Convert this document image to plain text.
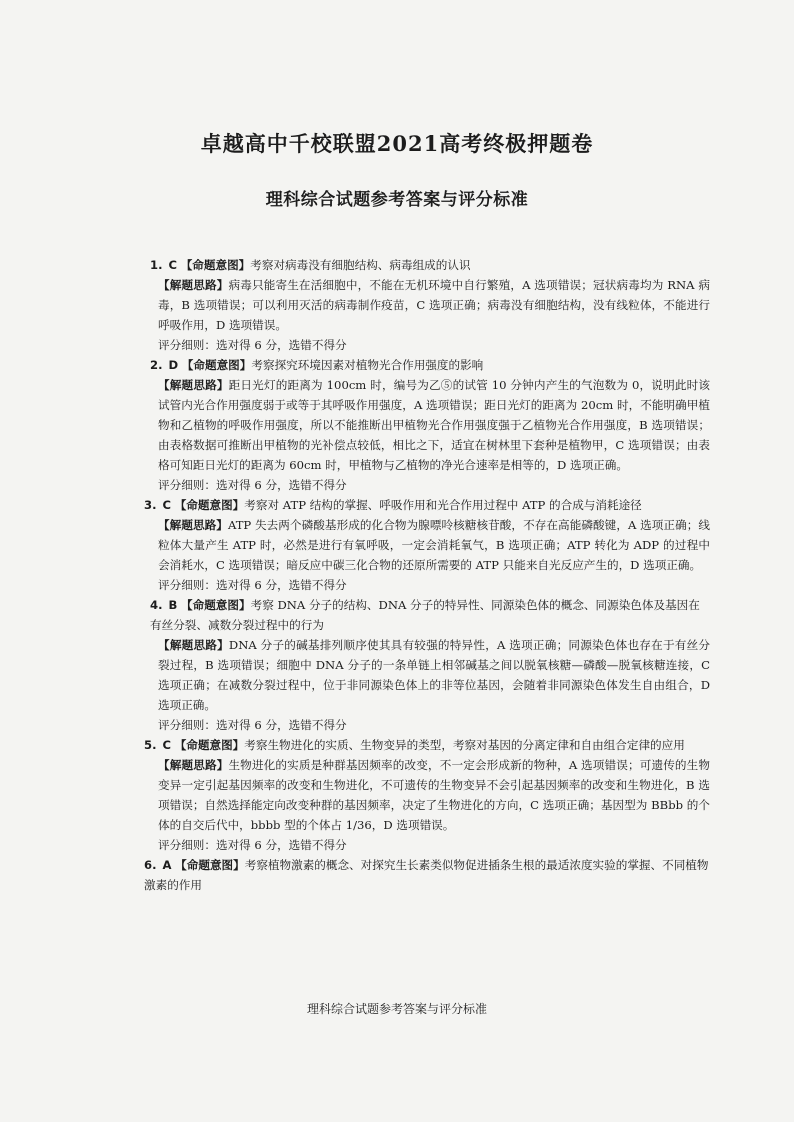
卓越高中千校联盟2021高考终极押题卷
理科综合试题参考答案与评分标准

1. C 【命题意图】考察对病毒没有细胞结构、病毒组成的认识

【解题思路】病毒只能寄生在活细胞中，不能在无机环境中自行繁殖，A 选项错误；冠状病毒均为 RNA 病毒，B 选项错误；可以利用灭活的病毒制作疫苗，C 选项正确；病毒没有细胞结构，没有线粒体，不能进行呼吸作用，D 选项错误。

评分细则：选对得 6 分，选错不得分

2. D 【命题意图】考察探究环境因素对植物光合作用强度的影响

【解题思路】距日光灯的距离为 100cm 时，编号为乙⑤的试管 10 分钟内产生的气泡数为 0，说明此时该试管内光合作用强度弱于或等于其呼吸作用强度，A 选项错误；距日光灯的距离为 20cm 时，不能明确甲植物和乙植物的呼吸作用强度，所以不能推断出甲植物光合作用强度强于乙植物光合作用强度，B 选项错误；由表格数据可推断出甲植物的光补偿点较低，相比之下，适宜在树林里下套种是植物甲，C 选项错误；由表格可知距日光灯的距离为 60cm 时，甲植物与乙植物的净光合速率是相等的，D 选项正确。

评分细则：选对得 6 分，选错不得分

3. C 【命题意图】考察对 ATP 结构的掌握、呼吸作用和光合作用过程中 ATP 的合成与消耗途径

【解题思路】ATP 失去两个磷酸基形成的化合物为腺嘌呤核糖核苷酸，不存在高能磷酸键，A 选项正确；线粒体大量产生 ATP 时，必然是进行有氧呼吸，一定会消耗氧气，B 选项正确；ATP 转化为 ADP 的过程中会消耗水，C 选项错误；暗反应中碳三化合物的还原所需要的 ATP 只能来自光反应产生的，D 选项正确。

评分细则：选对得 6 分，选错不得分

4. B 【命题意图】考察 DNA 分子的结构、DNA 分子的特异性、同源染色体的概念、同源染色体及基因在有丝分裂、减数分裂过程中的行为

【解题思路】DNA 分子的碱基排列顺序使其具有较强的特异性，A 选项正确；同源染色体也存在于有丝分裂过程，B 选项错误；细胞中 DNA 分子的一条单链上相邻碱基之间以脱氧核糖—磷酸—脱氧核糖连接，C 选项正确；在减数分裂过程中，位于非同源染色体上的非等位基因，会随着非同源染色体发生自由组合，D 选项正确。

评分细则：选对得 6 分，选错不得分

5. C 【命题意图】考察生物进化的实质、生物变异的类型，考察对基因的分离定律和自由组合定律的应用

【解题思路】生物进化的实质是种群基因频率的改变，不一定会形成新的物种，A 选项错误；可遗传的生物变异一定引起基因频率的改变和生物进化，不可遗传的生物变异不会引起基因频率的改变和生物进化，B 选项错误；自然选择能定向改变种群的基因频率，决定了生物进化的方向，C 选项正确；基因型为 BBbb 的个体的自交后代中，bbbb 型的个体占 1/36，D 选项错误。

评分细则：选对得 6 分，选错不得分

6. A 【命题意图】考察植物激素的概念、对探究生长素类似物促进插条生根的最适浓度实验的掌握、不同植物激素的作用

理科综合试题参考答案与评分标准
